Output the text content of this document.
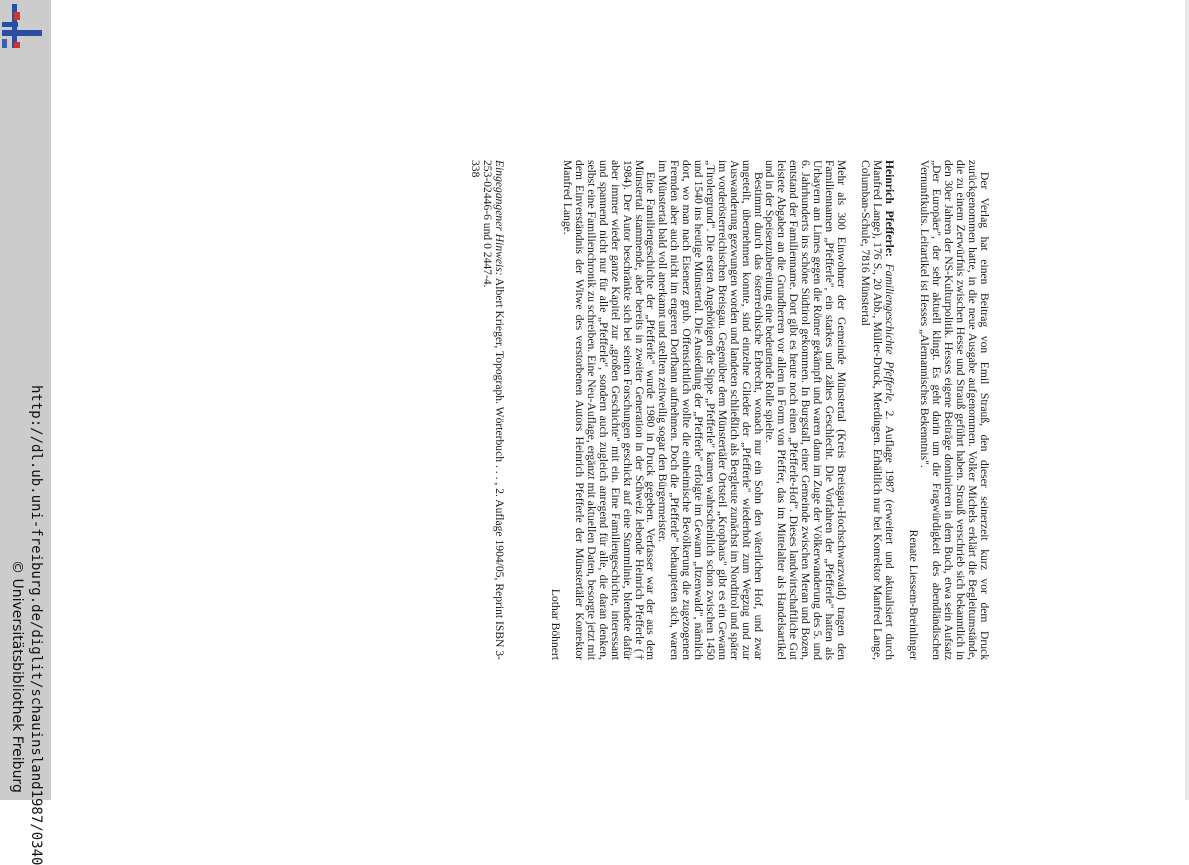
http://dl.ub.uni-freiburg.de/diglit/schauinsland1987/0340
© Universitätsbibliothek Freiburg

Der Verlag hat einen Beitrag von Emil Strauß, den dieser seinerzeit kurz vor dem Druck zurückgenommen hatte, in die neue Ausgabe aufgenommen. Volker Michels erklärt die Begleitumstände, die zu einem Zerwürfnis zwischen Hesse und Strauß geführt haben. Strauß verschrieb sich bekanntlich in den 30er Jahren der NS-Kulturpolitik. Hesses eigene Beiträge dominieren in dem Buch, etwa sein Aufsatz „Der Europäer", der sehr aktuell klingt. Es geht darin um die Fragwürdigkeit des abendländischen Vernunftkults. Leitartikel ist Hesses „Alemannisches Bekenntnis".

Renate Liessem-Breinlinger

Heinrich Pfefferle: Familiengeschichte Pfefferle, 2. Auflage 1987 (erweitert und aktualisiert durch Manfred Lange), 176 S., 20 Abb., Müller-Druck, Merdingen. Erhältlich nur bei Konrektor Manfred Lange, Columban-Schule, 7816 Münstertal

Mehr als 300 Einwohner der Gemeinde Münstertal (Kreis Breisgau-Hochschwarzwald) tragen den Familiennamen „Pfefferle", ein starkes und zähes Geschlecht. Die Vorfahren der „Pfefferle" hatten als Urbayern am Limes gegen die Römer gekämpft und waren dann im Zuge der Völkerwanderung des 5. und 6. Jahrhunderts ins schöne Südtirol gekommen. In Burgstall, einer Gemeinde zwischen Meran und Bozen, entstand der Familienname. Dort gibt es heute noch einen „Pfefferle-Hof". Dieses landwirtschaftliche Gut leistete Abgaben an die Grundherren vor allem in Form von Pfeffer, das im Mittelalter als Handelsartikel und in der Speisenzubereitung eine bedeutende Rolle spielte.

Bestimmt durch das österreichische Erbrecht, wonach nur ein Sohn den väterlichen Hof, und zwar ungeteilt, übernehmen konnte, sind einzelne Glieder der „Pfefferle" wiederholt zum Wegzug und zur Auswanderung gezwungen worden und landeten schließlich als Bergleute zunächst im Nordtirol und später im vorderösterreichischen Breisgau. Gegenüber dem Münstertäler Ortsteil „Krophaus" gibt es ein Gewann „Tirolergrund". Die ersten Angehörigen der Sippe „Pfefferle" kamen wahrscheinlich schon zwischen 1450 und 1540 ins heutige Münstertal. Die Ansiedlung der „Pfefferle" erfolgte im Gewann „Itzenwald", nämlich dort, wo man nach Eisenerz grub. Offensichtlich wollte die einheimische Bevölkerung die zugezogenen Fremden aber auch nicht im engeren Dorfbann aufnehmen. Doch die „Pfefferle" behaupteten sich, waren im Münstertal bald voll anerkannt und stellten zeitweilig sogar den Bürgermeister.

Eine Familiengeschichte der „Pfefferle" wurde 1980 in Druck gegeben. Verfasser war der aus dem Münstertal stammende, aber bereits in zweiter Generation in der Schweiz lebende Heinrich Pfefferle († 1984). Der Autor beschränkte sich bei seinen Forschungen geschickt auf eine Stammlinie, blendete dafür aber immer wieder ganze Kapitel zur „großen Geschichte" mit ein. Eine Familiengeschichte, interessant und spannend nicht nur für alle „Pfefferle", sondern auch zugleich anregend für alle, die daran denken, selbst eine Familienchronik zu schreiben. Eine Neu-Auflage, ergänzt mit aktuellen Daten, besorgte jetzt mit dem Einverständnis der Witwe des verstorbenen Autors Heinrich Pfefferle der Münstertäler Konrektor Manfred Lange.

Lothar Böhnert

Eingegangener Hinweis: Albert Krieger, Topograph. Wörterbuch . . . , 2. Auflage 1904/05, Reprint ISBN 3-253-02446-6 und 0 2447-4.

338
